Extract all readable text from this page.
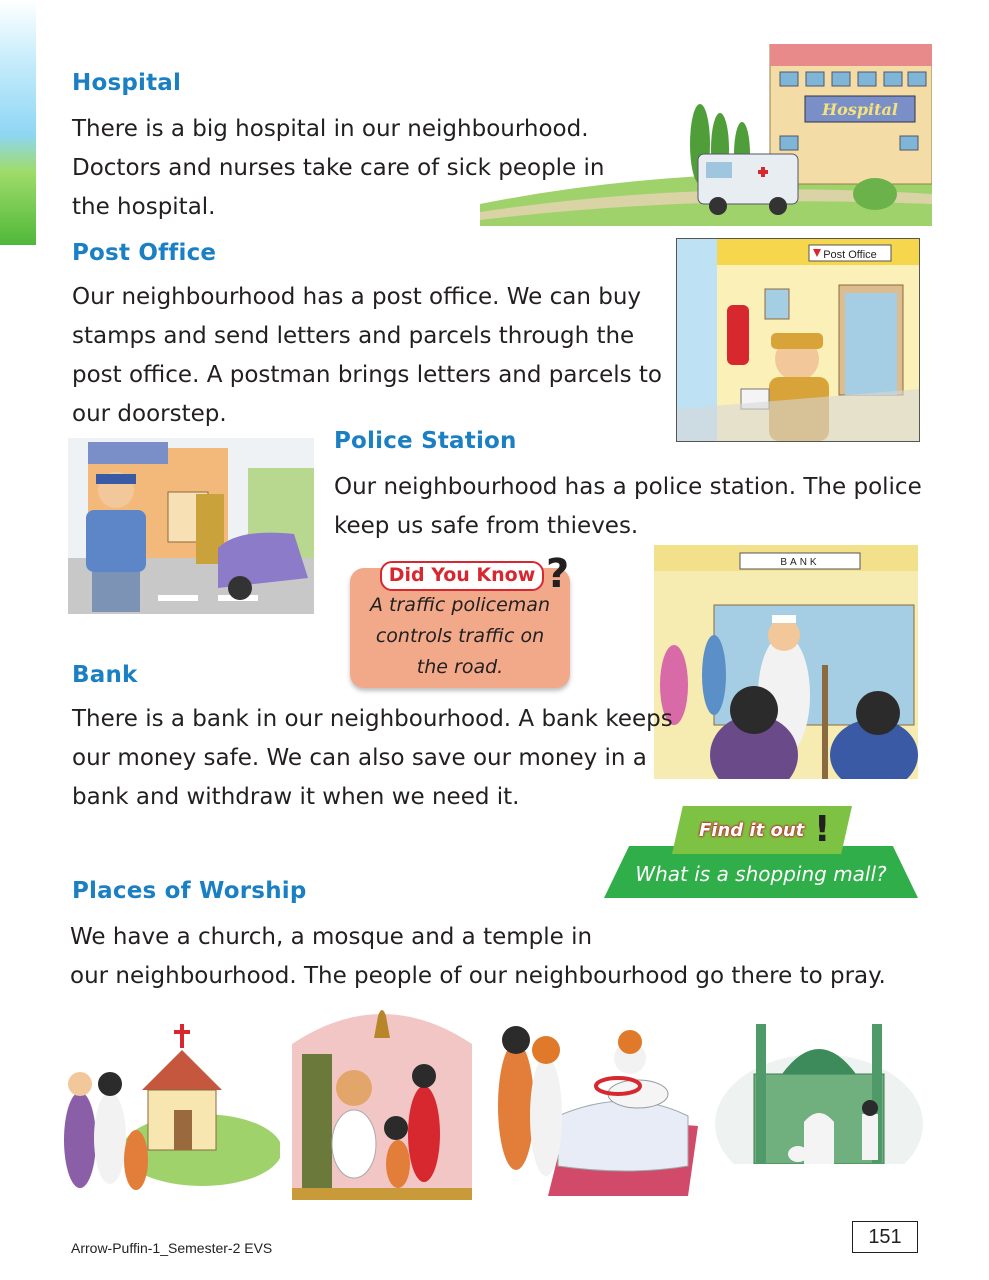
Hospital
There is a big hospital in our neighbourhood.
Doctors and nurses take care of sick people in
the hospital.
Hospital
Post Office
Our neighbourhood has a post office. We can buy
stamps and send letters and parcels through the
post office. A postman brings letters and parcels to
our doorstep.
Post Office
Police Station
Our neighbourhood has a police station. The police
keep us safe from thieves.
Did You Know ?
A traffic policeman
controls traffic on
the road.
BANK
Bank
There is a bank in our neighbourhood. A bank keeps
our money safe. We can also save our money in a
bank and withdraw it when we need it.
Find it out !
What is a shopping mall?
Places of Worship
We have a church, a mosque and a temple in
our neighbourhood. The people of our neighbourhood go there to pray.
Arrow-Puffin-1_Semester-2 EVS	151
